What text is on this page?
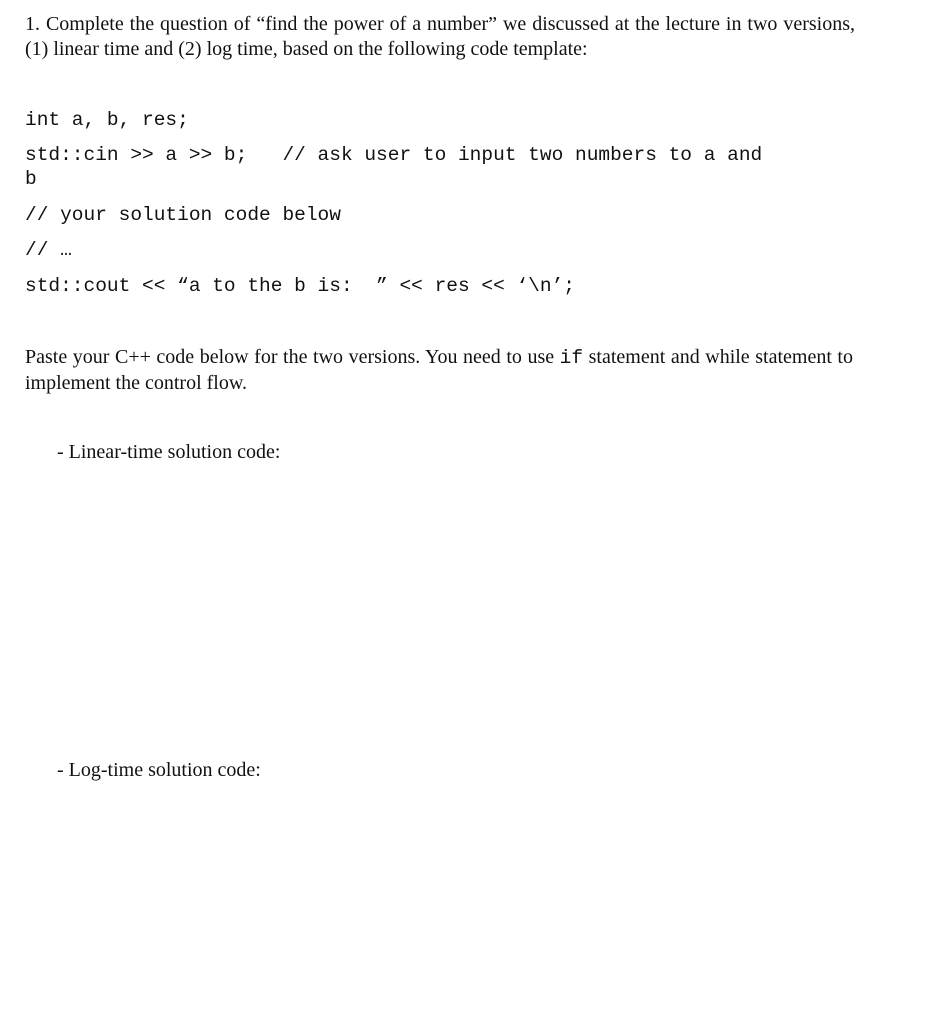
1. Complete the question of “find the power of a number” we discussed at the lecture in two versions, (1) linear time and (2) log time, based on the following code template:
int a, b, res;
std::cin >> a >> b;   // ask user to input two numbers to a and
b
// your solution code below
// …
std::cout << “a to the b is:  ” << res << ‘\n’;
Paste your C++ code below for the two versions. You need to use if statement and while statement to implement the control flow.
- Linear-time solution code:
- Log-time solution code:
